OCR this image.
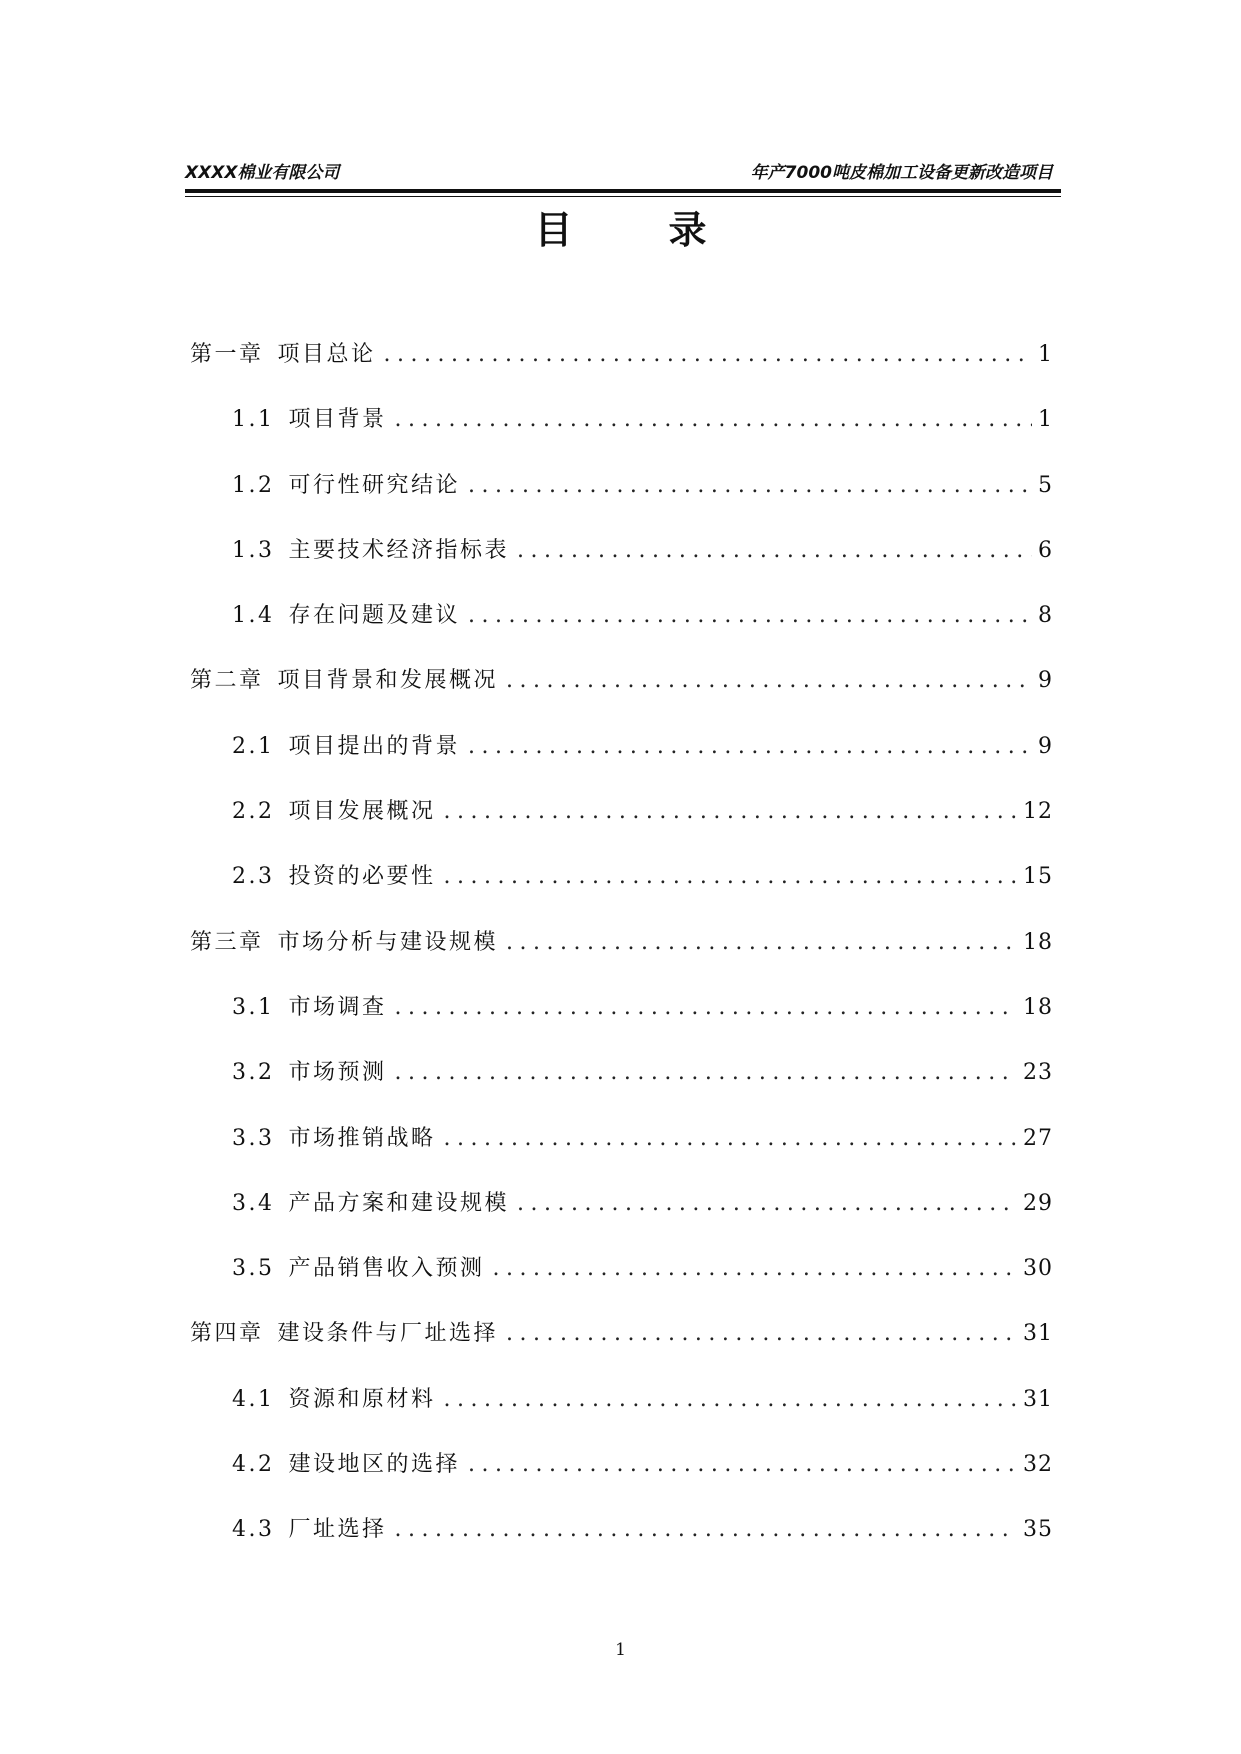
XXXX棉业有限公司	年产7000吨皮棉加工设备更新改造项目
目录
第一章 项目总论 .....	1
1.1 项目背景 .....	1
1.2 可行性研究结论 .....	5
1.3 主要技术经济指标表 .....	6
1.4 存在问题及建议 .....	8
第二章 项目背景和发展概况 .....	9
2.1 项目提出的背景 .....	9
2.2 项目发展概况 .....	12
2.3 投资的必要性 .....	15
第三章 市场分析与建设规模 .....	18
3.1 市场调查 .....	18
3.2 市场预测 .....	23
3.3 市场推销战略 .....	27
3.4 产品方案和建设规模 .....	29
3.5 产品销售收入预测 .....	30
第四章 建设条件与厂址选择 .....	31
4.1 资源和原材料 .....	31
4.2 建设地区的选择 .....	32
4.3 厂址选择 .....	35
1
